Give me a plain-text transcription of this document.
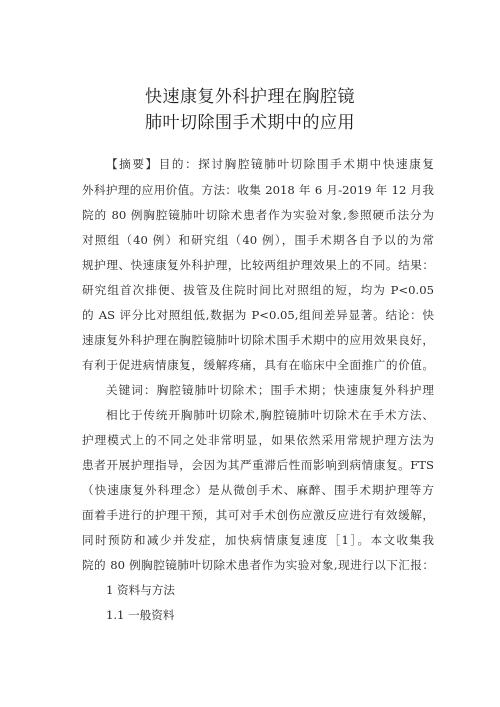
快速康复外科护理在胸腔镜
肺叶切除围手术期中的应用
【摘要】目的：探讨胸腔镜肺叶切除围手术期中快速康复
外科护理的应用价值。方法：收集 2018 年 6 月-2019 年 12 月我
院的 80 例胸腔镜肺叶切除术患者作为实验对象,参照硬币法分为
对照组（40 例）和研究组（40 例），围手术期各自予以的为常
规护理、快速康复外科护理，比较两组护理效果上的不同。结果：
研究组首次排便、拔管及住院时间比对照组的短，均为 P<0.05
的 AS 评分比对照组低,数据为 P<0.05,组间差异显著。结论：快
速康复外科护理在胸腔镜肺叶切除术围手术期中的应用效果良好，
有利于促进病情康复，缓解疼痛，具有在临床中全面推广的价值。
关键词：胸腔镜肺叶切除术；围手术期；快速康复外科护理
相比于传统开胸肺叶切除术,胸腔镜肺叶切除术在手术方法、
护理模式上的不同之处非常明显，如果依然采用常规护理方法为
患者开展护理指导，会因为其严重滞后性而影响到病情康复。FTS
（快速康复外科理念）是从微创手术、麻醉、围手术期护理等方
面着手进行的护理干预，其可对手术创伤应激反应进行有效缓解，
同时预防和减少并发症，加快病情康复速度［1］。本文收集我
院的 80 例胸腔镜肺叶切除术患者作为实验对象,现进行以下汇报：
1 资料与方法
1.1 一般资料
